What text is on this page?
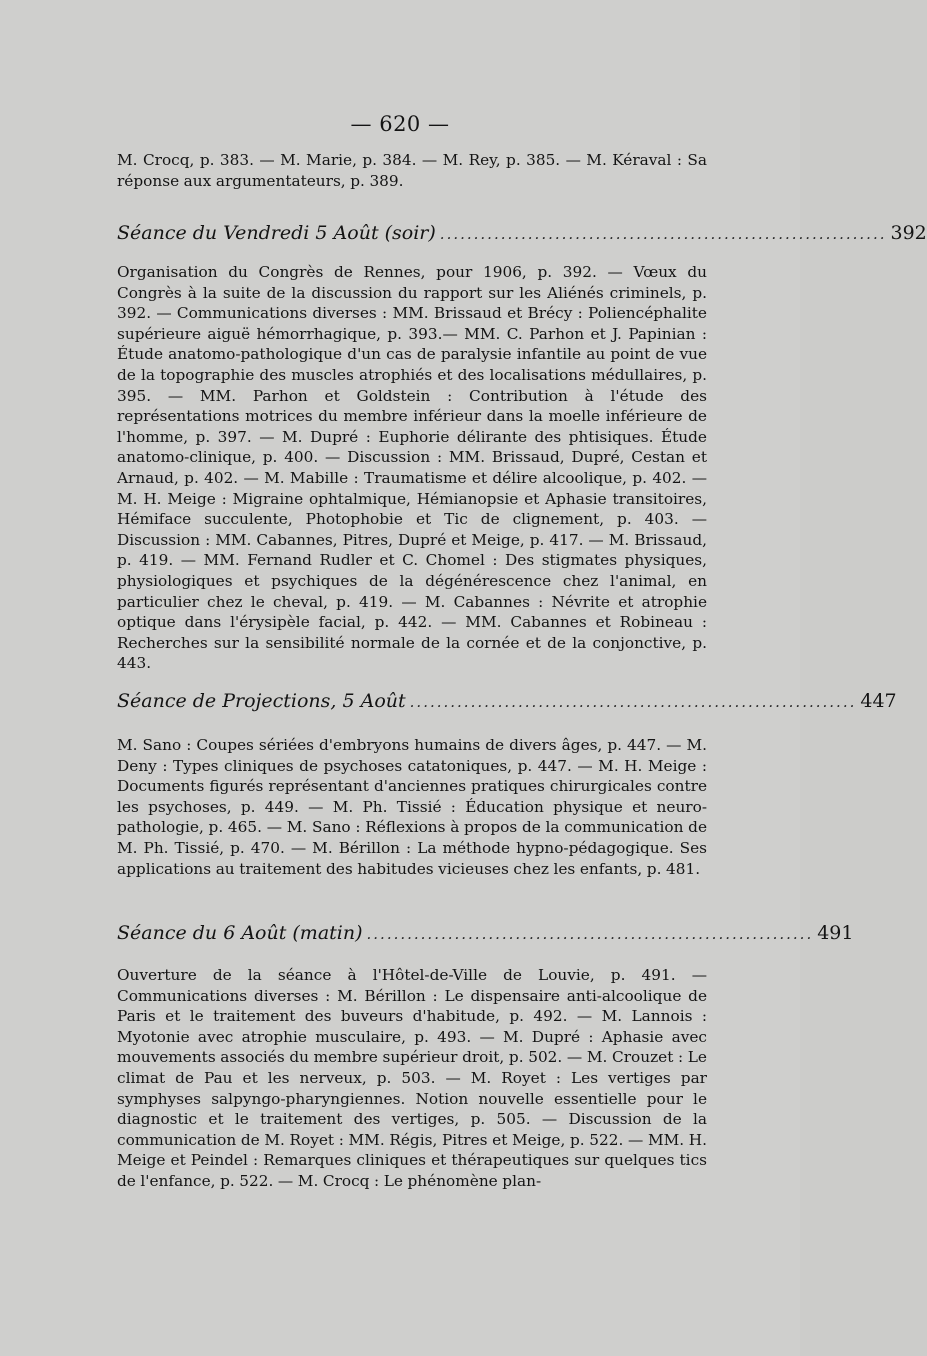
— 620 —

M. Crocq, p. 383. — M. Marie, p. 384. — M. Rey, p. 385. — M. Kéraval : Sa réponse aux argumentateurs, p. 389.

Séance du Vendredi 5 Août (soir) .................................................................. 392

Organisation du Congrès de Rennes, pour 1906, p. 392. — Vœux du Congrès à la suite de la discussion du rapport sur les Aliénés criminels, p. 392. — Communications diverses : MM. Brissaud et Brécy : Poliencéphalite supérieure aiguë hémorrhagique, p. 393.— MM. C. Parhon et J. Papinian : Étude anatomo-pathologique d'un cas de paralysie infantile au point de vue de la topographie des muscles atrophiés et des localisations médullaires, p. 395. — MM. Parhon et Goldstein : Contribution à l'étude des représentations motrices du membre inférieur dans la moelle inférieure de l'homme, p. 397. — M. Dupré : Euphorie délirante des phtisiques. Étude anatomo-clinique, p. 400. — Discussion : MM. Brissaud, Dupré, Cestan et Arnaud, p. 402. — M. Mabille : Traumatisme et délire alcoolique, p. 402. — M. H. Meige : Migraine ophtalmique, Hémianopsie et Aphasie transitoires, Hémiface succulente, Photophobie et Tic de clignement, p. 403. — Discussion : MM. Cabannes, Pitres, Dupré et Meige, p. 417. — M. Brissaud, p. 419. — MM. Fernand Rudler et C. Chomel : Des stigmates physiques, physiologiques et psychiques de la dégénérescence chez l'animal, en particulier chez le cheval, p. 419. — M. Cabannes : Névrite et atrophie optique dans l'érysipèle facial, p. 442. — MM. Cabannes et Robineau : Recherches sur la sensibilité normale de la cornée et de la conjonctive, p. 443.

Séance de Projections, 5 Août .................................................................. 447

M. Sano : Coupes sériées d'embryons humains de divers âges, p. 447. — M. Deny : Types cliniques de psychoses catatoniques, p. 447. — M. H. Meige : Documents figurés représentant d'anciennes pratiques chirurgicales contre les psychoses, p. 449. — M. Ph. Tissié : Éducation physique et neuro-pathologie, p. 465. — M. Sano : Réflexions à propos de la communication de M. Ph. Tissié, p. 470. — M. Bérillon : La méthode hypno-pédagogique. Ses applications au traitement des habitudes vicieuses chez les enfants, p. 481.

Séance du 6 Août (matin) .................................................................. 491

Ouverture de la séance à l'Hôtel-de-Ville de Louvie, p. 491. — Communications diverses : M. Bérillon : Le dispensaire anti-alcoolique de Paris et le traitement des buveurs d'habitude, p. 492. — M. Lannois : Myotonie avec atrophie musculaire, p. 493. — M. Dupré : Aphasie avec mouvements associés du membre supérieur droit, p. 502. — M. Crouzet : Le climat de Pau et les nerveux, p. 503. — M. Royet : Les vertiges par symphyses salpyngo-pharyngiennes. Notion nouvelle essentielle pour le diagnostic et le traitement des vertiges, p. 505. — Discussion de la communication de M. Royet : MM. Régis, Pitres et Meige, p. 522. — MM. H. Meige et Peindel : Remarques cliniques et thérapeutiques sur quelques tics de l'enfance, p. 522. — M. Crocq : Le phénomène plan-
